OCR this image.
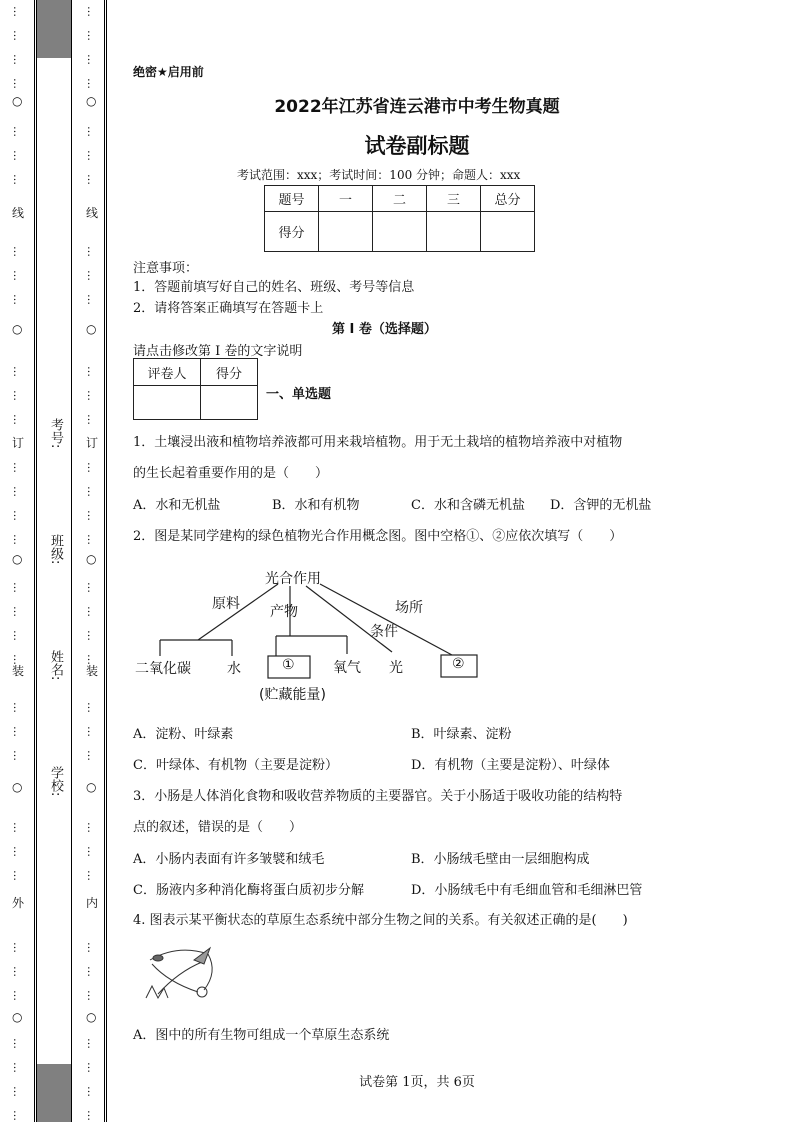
…
…
…
…
…
…
…
…
…
…
…
…
…
…
…
…
…
…
…
…
…
…
…
…
…
…
…
…
…
…
…
…
…
…
○
○
○
○
○
线
订
装
外
…
…
…
…
…
…
…
…
…
…
…
…
…
…
…
…
…
…
…
…
…
…
…
…
…
…
…
…
…
…
…
…
…
…
○
○
○
○
○
线
订
装
内
考号:
班级:
姓名:
学校:
绝密★启用前
2022年江苏省连云港市中考生物真题
试卷副标题
考试范围：xxx；考试时间：100 分钟；命题人：xxx
题号	一	二	三	总分
得分				
注意事项：
1．答题前填写好自己的姓名、班级、考号等信息
2．请将答案正确填写在答题卡上
第 I 卷（选择题）
请点击修改第 I 卷的文字说明
评卷人	得分

一、单选题
1．土壤浸出液和植物培养液都可用来栽培植物。用于无土栽培的植物培养液中对植物
的生长起着重要作用的是（　　）
A．水和无机盐	B．水和有机物	C．水和含磷无机盐 D．含钾的无机盐
2．图是某同学建构的绿色植物光合作用概念图。图中空格①、②应依次填写（　　）
光合作用
原料 产物
条件
场所
二氧化碳	水	①	氧气 光	②
(贮藏能量)
A．淀粉、叶绿素	B．叶绿素、淀粉
C．叶绿体、有机物（主要是淀粉）	D．有机物（主要是淀粉）、叶绿体
3．小肠是人体消化食物和吸收营养物质的主要器官。关于小肠适于吸收功能的结构特
点的叙述，错误的是（　　）
A．小肠内表面有许多皱襞和绒毛	B．小肠绒毛壁由一层细胞构成
C．肠液内多种消化酶将蛋白质初步分解	D．小肠绒毛中有毛细血管和毛细淋巴管
4. 图表示某平衡状态的草原生态系统中部分生物之间的关系。有关叙述正确的是(　　)
A．图中的所有生物可组成一个草原生态系统
试卷第 1页，共 6页
